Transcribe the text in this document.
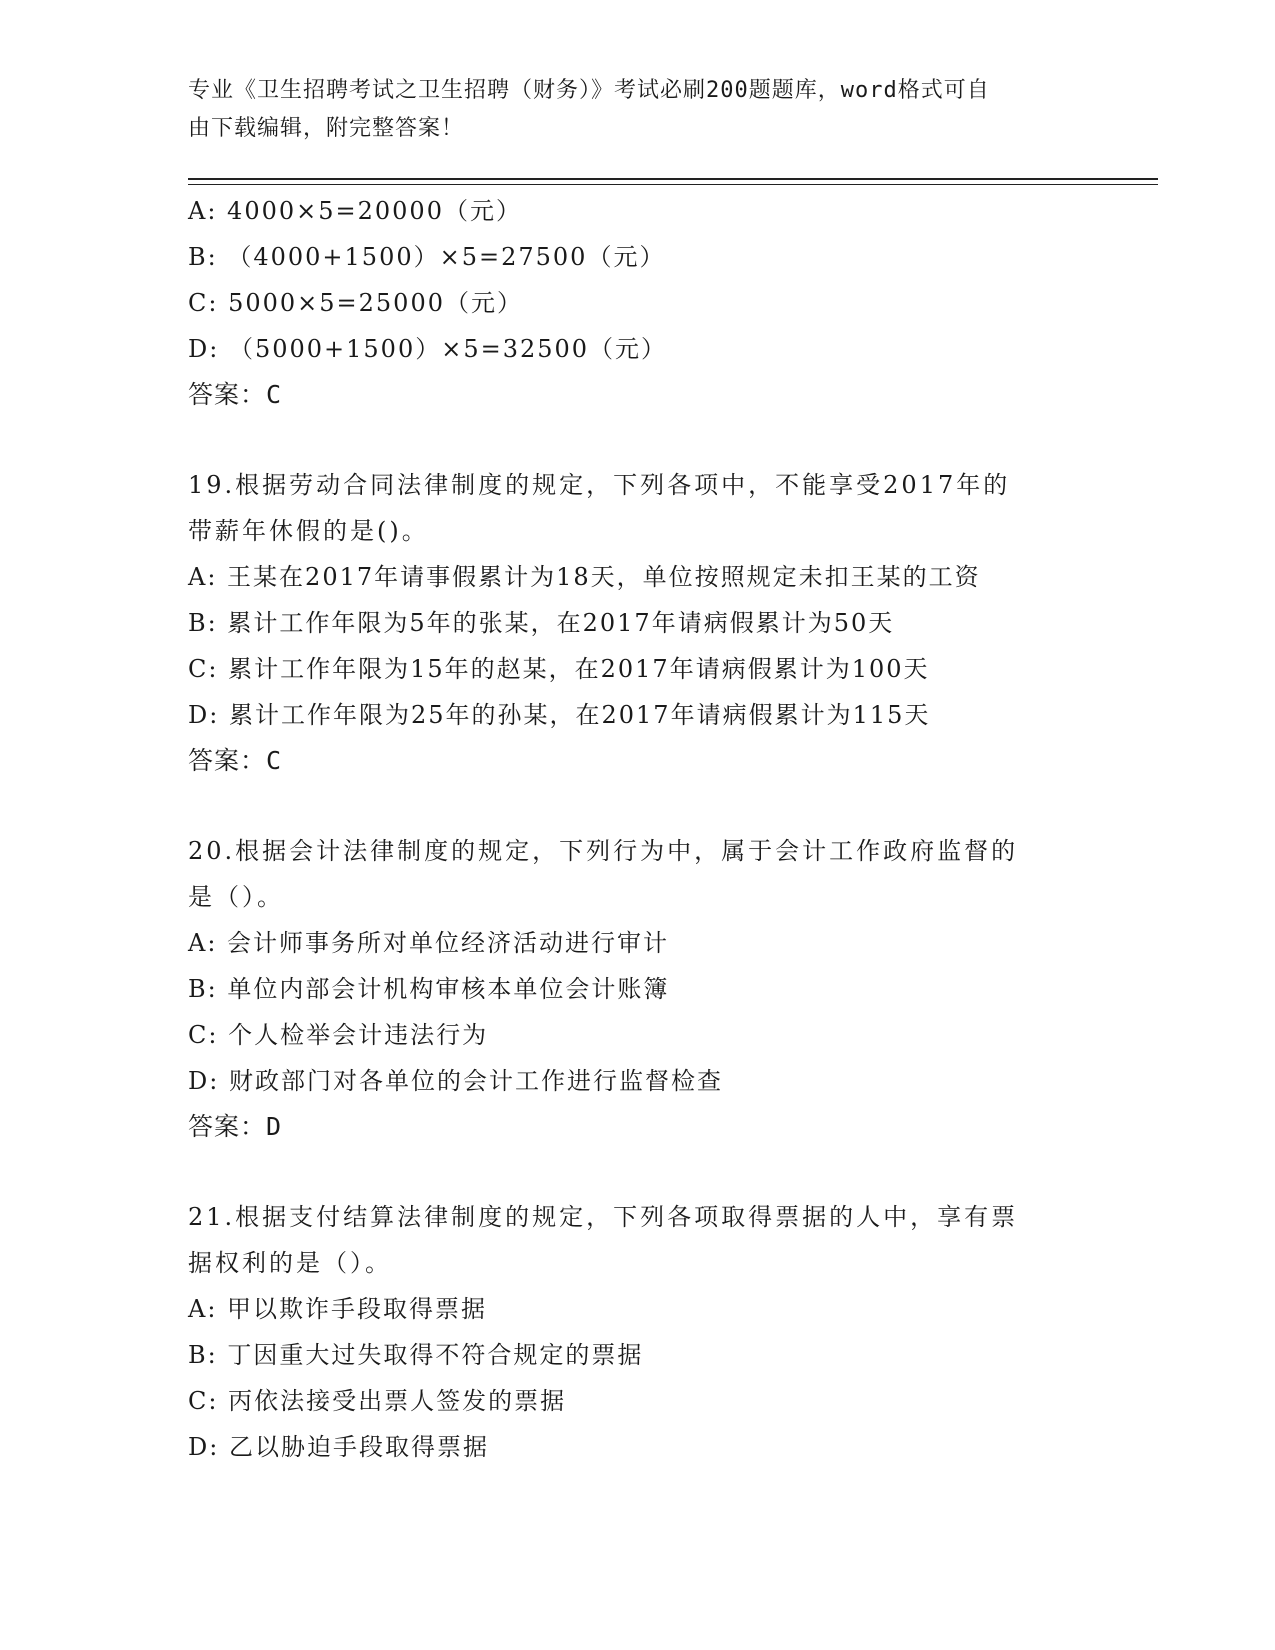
专业《卫生招聘考试之卫生招聘（财务）》考试必刷200题题库，word格式可自
由下载编辑，附完整答案！
A: 4000×5=20000（元）
B: （4000+1500）×5=27500（元）
C: 5000×5=25000（元）
D: （5000+1500）×5=32500（元）
答案：C
19.根据劳动合同法律制度的规定，下列各项中，不能享受2017年的
带薪年休假的是()。
A: 王某在2017年请事假累计为18天，单位按照规定未扣王某的工资
B: 累计工作年限为5年的张某，在2017年请病假累计为50天
C: 累计工作年限为15年的赵某，在2017年请病假累计为100天
D: 累计工作年限为25年的孙某，在2017年请病假累计为115天
答案：C
20.根据会计法律制度的规定，下列行为中，属于会计工作政府监督的
是（）。
A: 会计师事务所对单位经济活动进行审计
B: 单位内部会计机构审核本单位会计账簿
C: 个人检举会计违法行为
D: 财政部门对各单位的会计工作进行监督检查
答案：D
21.根据支付结算法律制度的规定，下列各项取得票据的人中，享有票
据权利的是（）。
A: 甲以欺诈手段取得票据
B: 丁因重大过失取得不符合规定的票据
C: 丙依法接受出票人签发的票据
D: 乙以胁迫手段取得票据
